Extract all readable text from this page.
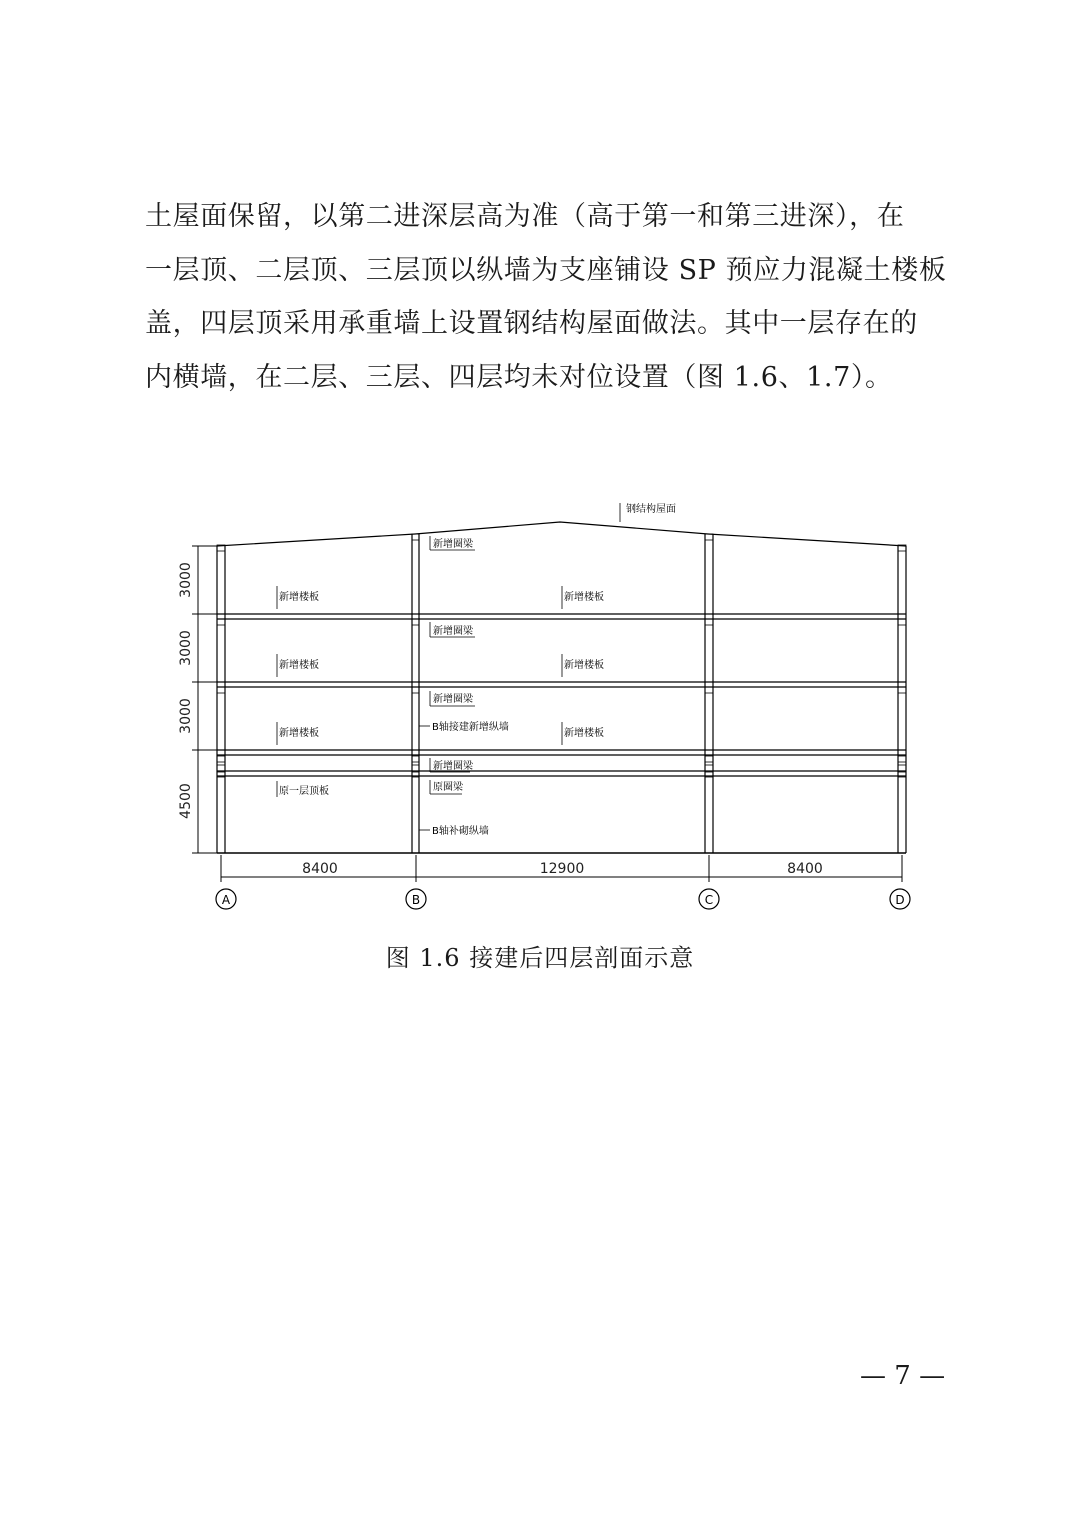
土屋面保留，以第二进深层高为准（高于第一和第三进深），在
一层顶、二层顶、三层顶以纵墙为支座铺设 SP 预应力混凝土楼板
盖，四层顶采用承重墙上设置钢结构屋面做法。其中一层存在的
内横墙，在二层、三层、四层均未对位设置（图 1.6、1.7）。
钢结构屋面
新增圈梁
新增楼板	新增楼板
新增圈梁
新增楼板	新增楼板
新增圈梁
B轴接建新增纵墙
新增楼板	新增楼板
新增圈梁
原圈梁
原一层顶板
B轴补砌纵墙
3000
3000
3000
4500
8400	12900	8400
A	B	C	D
图 1.6 接建后四层剖面示意
— 7 —
